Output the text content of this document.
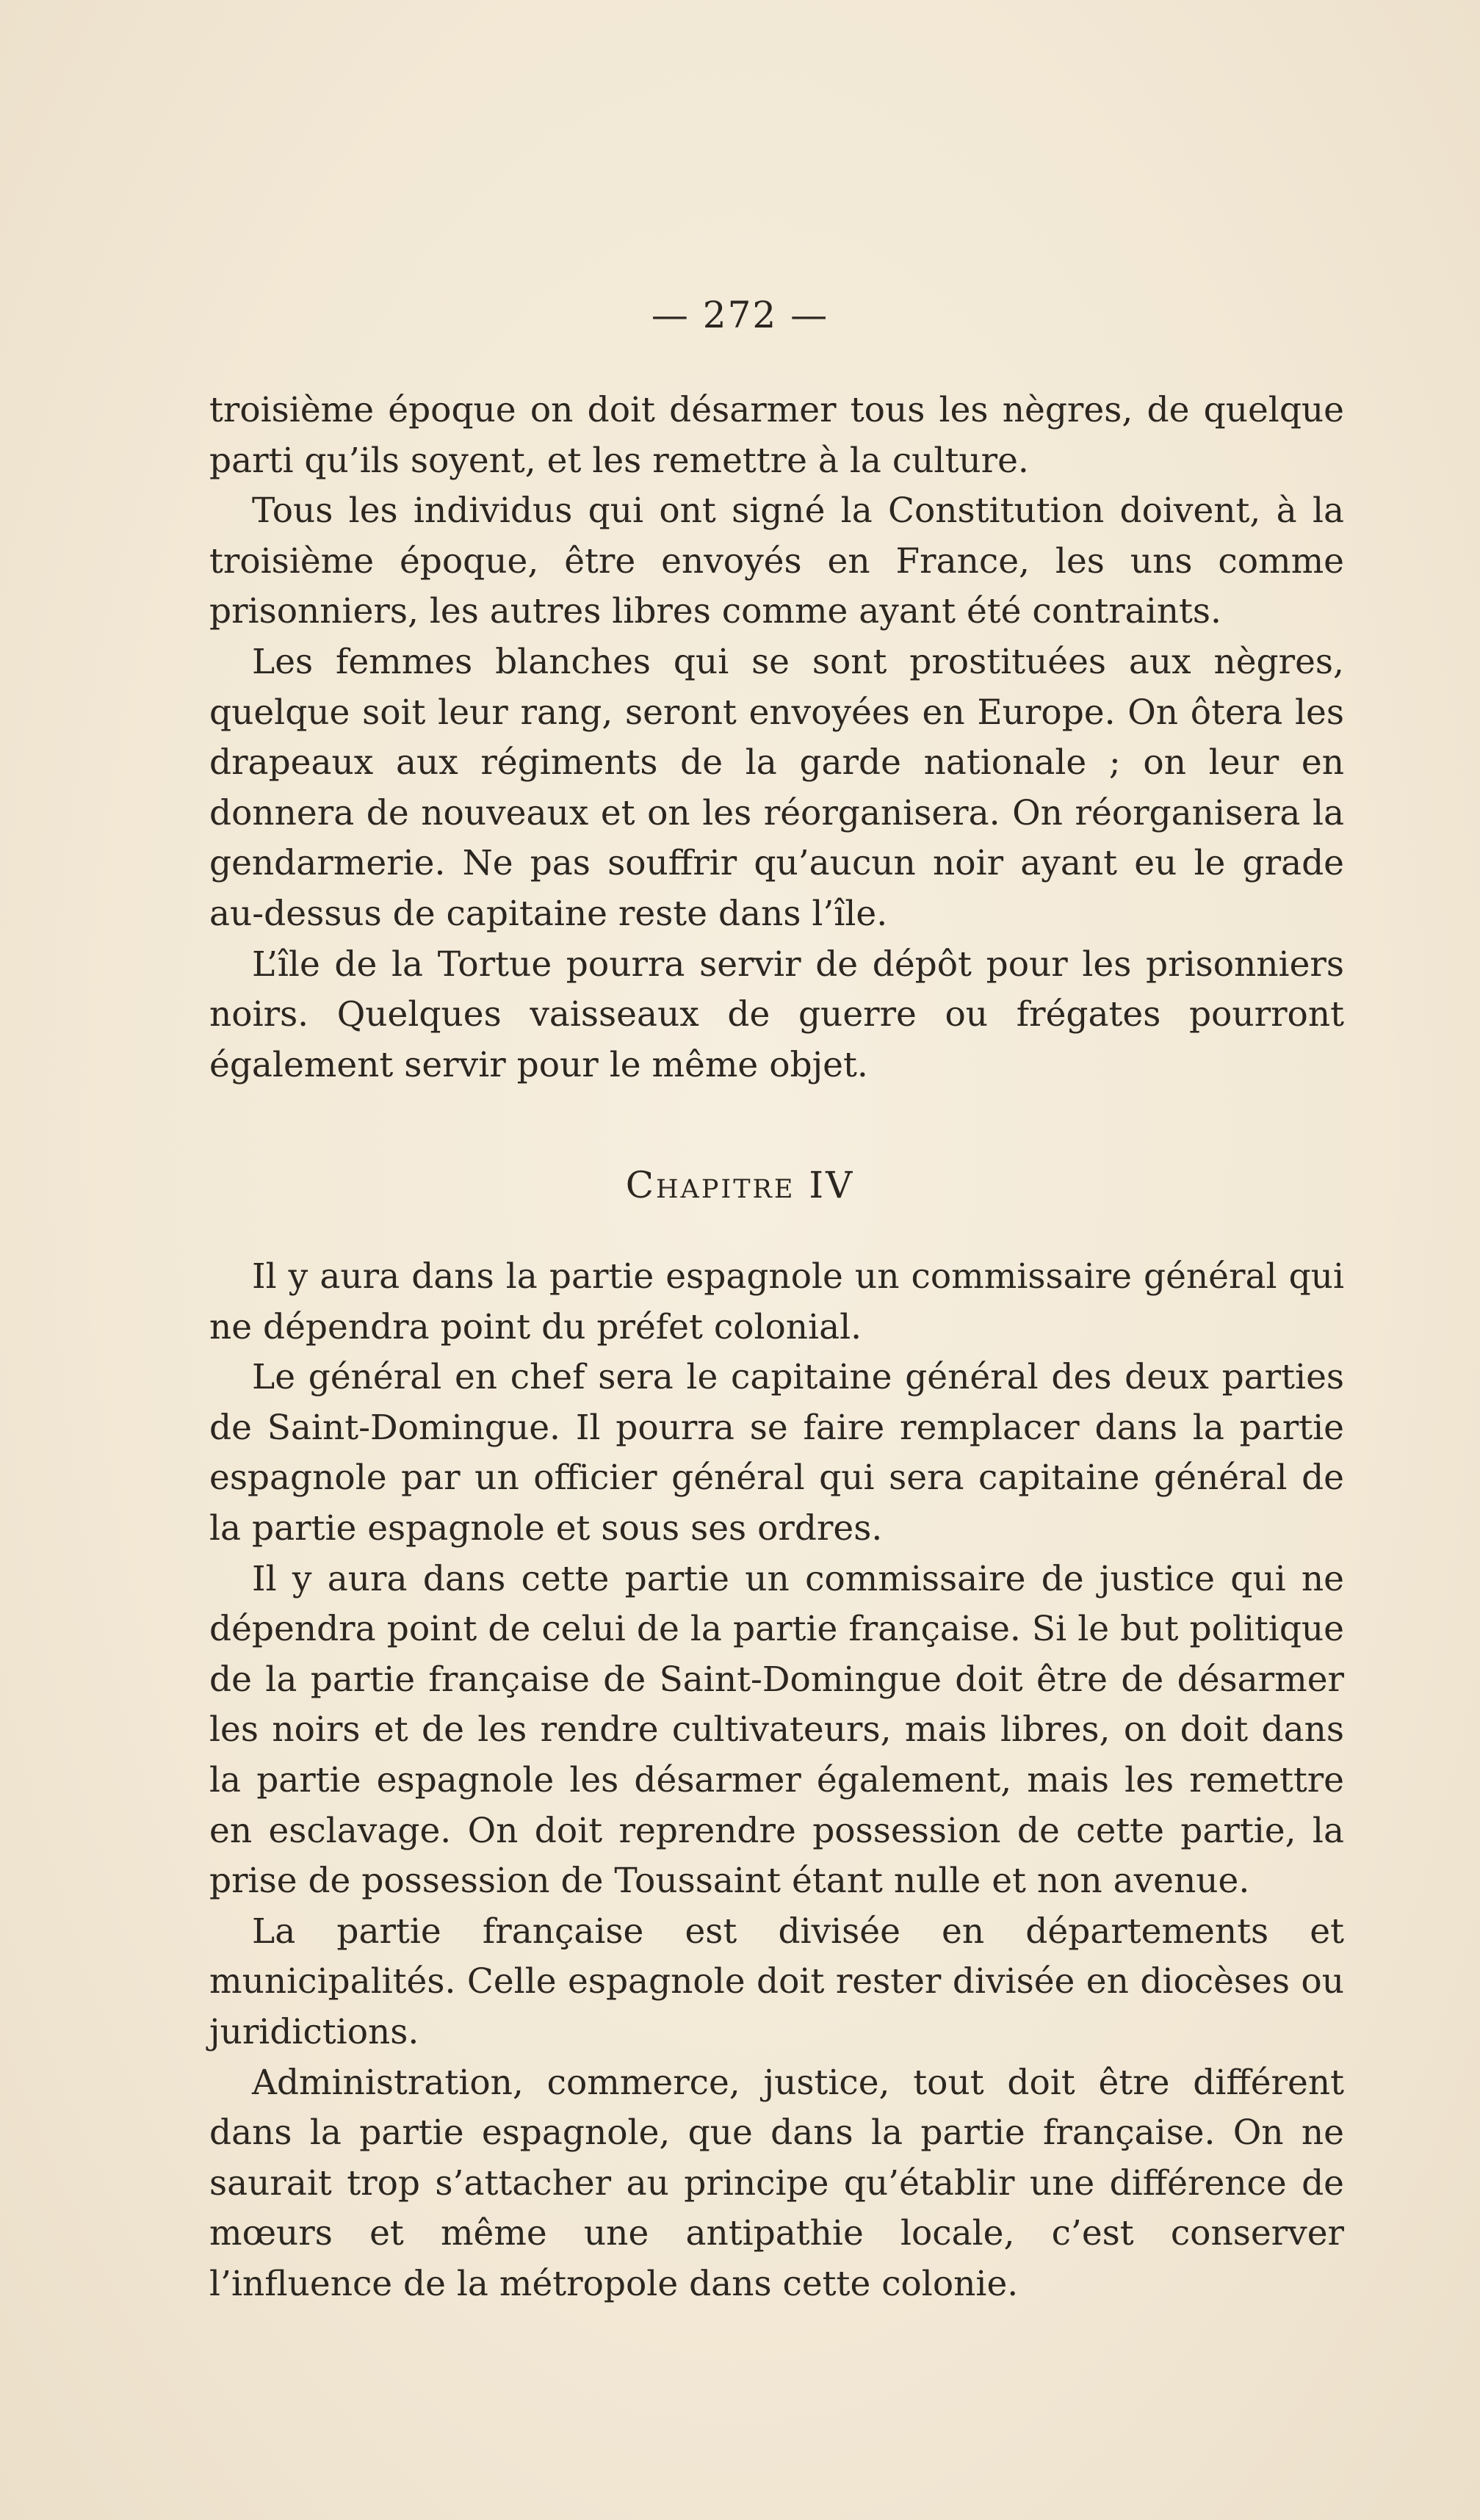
— 272 —

troisième époque on doit désarmer tous les nègres, de quelque parti qu’ils soyent, et les remettre à la culture.

Tous les individus qui ont signé la Constitution doivent, à la troisième époque, être envoyés en France, les uns comme prisonniers, les autres libres comme ayant été contraints.

Les femmes blanches qui se sont prostituées aux nègres, quelque soit leur rang, seront envoyées en Europe. On ôtera les drapeaux aux régiments de la garde nationale ; on leur en donnera de nouveaux et on les réorganisera. On réorganisera la gendarmerie. Ne pas souffrir qu’aucun noir ayant eu le grade au-dessus de capitaine reste dans l’île.

L’île de la Tortue pourra servir de dépôt pour les prisonniers noirs. Quelques vaisseaux de guerre ou frégates pourront également servir pour le même objet.

Chapitre IV

Il y aura dans la partie espagnole un commissaire général qui ne dépendra point du préfet colonial.

Le général en chef sera le capitaine général des deux parties de Saint-Domingue. Il pourra se faire remplacer dans la partie espagnole par un officier général qui sera capitaine général de la partie espagnole et sous ses ordres.

Il y aura dans cette partie un commissaire de justice qui ne dépendra point de celui de la partie française. Si le but politique de la partie française de Saint-Domingue doit être de désarmer les noirs et de les rendre cultivateurs, mais libres, on doit dans la partie espagnole les désarmer également, mais les remettre en esclavage. On doit reprendre possession de cette partie, la prise de possession de Toussaint étant nulle et non avenue.

La partie française est divisée en départements et municipalités. Celle espagnole doit rester divisée en diocèses ou juridictions.

Administration, commerce, justice, tout doit être différent dans la partie espagnole, que dans la partie française. On ne saurait trop s’attacher au principe qu’établir une différence de mœurs et même une antipathie locale, c’est conserver l’influence de la métropole dans cette colonie.
